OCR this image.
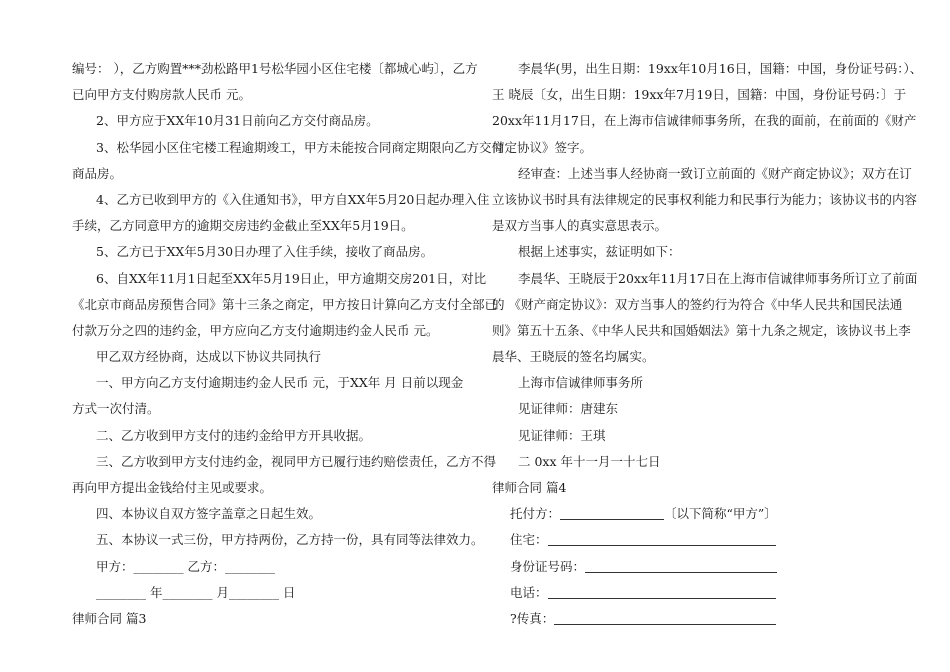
编号： ），乙方购置***劲松路甲1号松华园小区住宅楼〔都城心屿〕，乙方
已向甲方支付购房款人民币 元。
2、甲方应于XX年10月31日前向乙方交付商品房。
3、松华园小区住宅楼工程逾期竣工，甲方未能按合同商定期限向乙方交付
商品房。
4、乙方已收到甲方的《入住通知书》，甲方自XX年5月20日起办理入住
手续，乙方同意甲方的逾期交房违约金截止至XX年5月19日。
5、乙方已于XX年5月30日办理了入住手续，接收了商品房。
6、自XX年11月1日起至XX年5月19日止，甲方逾期交房201日，对比
《北京市商品房预售合同》第十三条之商定，甲方按日计算向乙方支付全部已
付款万分之四的违约金，甲方应向乙方支付逾期违约金人民币 元。
甲乙双方经协商，达成以下协议共同执行
一、甲方向乙方支付逾期违约金人民币 元，于XX年 月 日前以现金
方式一次付清。
二、乙方收到甲方支付的违约金给甲方开具收据。
三、乙方收到甲方支付违约金，视同甲方已履行违约赔偿责任，乙方不得
再向甲方提出金钱给付主见或要求。
四、本协议自双方签字盖章之日起生效。
五、本协议一式三份，甲方持两份，乙方持一份，具有同等法律效力。
甲方：________ 乙方：________
________ 年________ 月________ 日
律师合同 篇3
李晨华(男，出生日期：19xx年10月16日，国籍：中国，身份证号码：）、
王 晓辰〔女，出生日期：19xx年7月19日，国籍：中国，身份证号码：〕于
20xx年11月17日，在上海市信诚律师事务所，在我的面前，在前面的《财产
商定协议》签字。
经审查：上述当事人经协商一致订立前面的《财产商定协议》；双方在订
立该协议书时具有法律规定的民事权利能力和民事行为能力；该协议书的内容
是双方当事人的真实意思表示。
根据上述事实，兹证明如下：
李晨华、王晓辰于20xx年11月17日在上海市信诚律师事务所订立了前面
的 《财产商定协议》：双方当事人的签约行为符合《中华人民共和国民法通
则》第五十五条、《中华人民共和国婚姻法》第十九条之规定，该协议书上李
晨华、王晓辰的签名均属实。
上海市信诚律师事务所
见证律师：唐建东
见证律师：王琪
二 0xx 年十一月一十七日
律师合同 篇4
托付方：	〔以下简称“甲方”〕
住宅：
身份证号码：
电话：
?传真：
